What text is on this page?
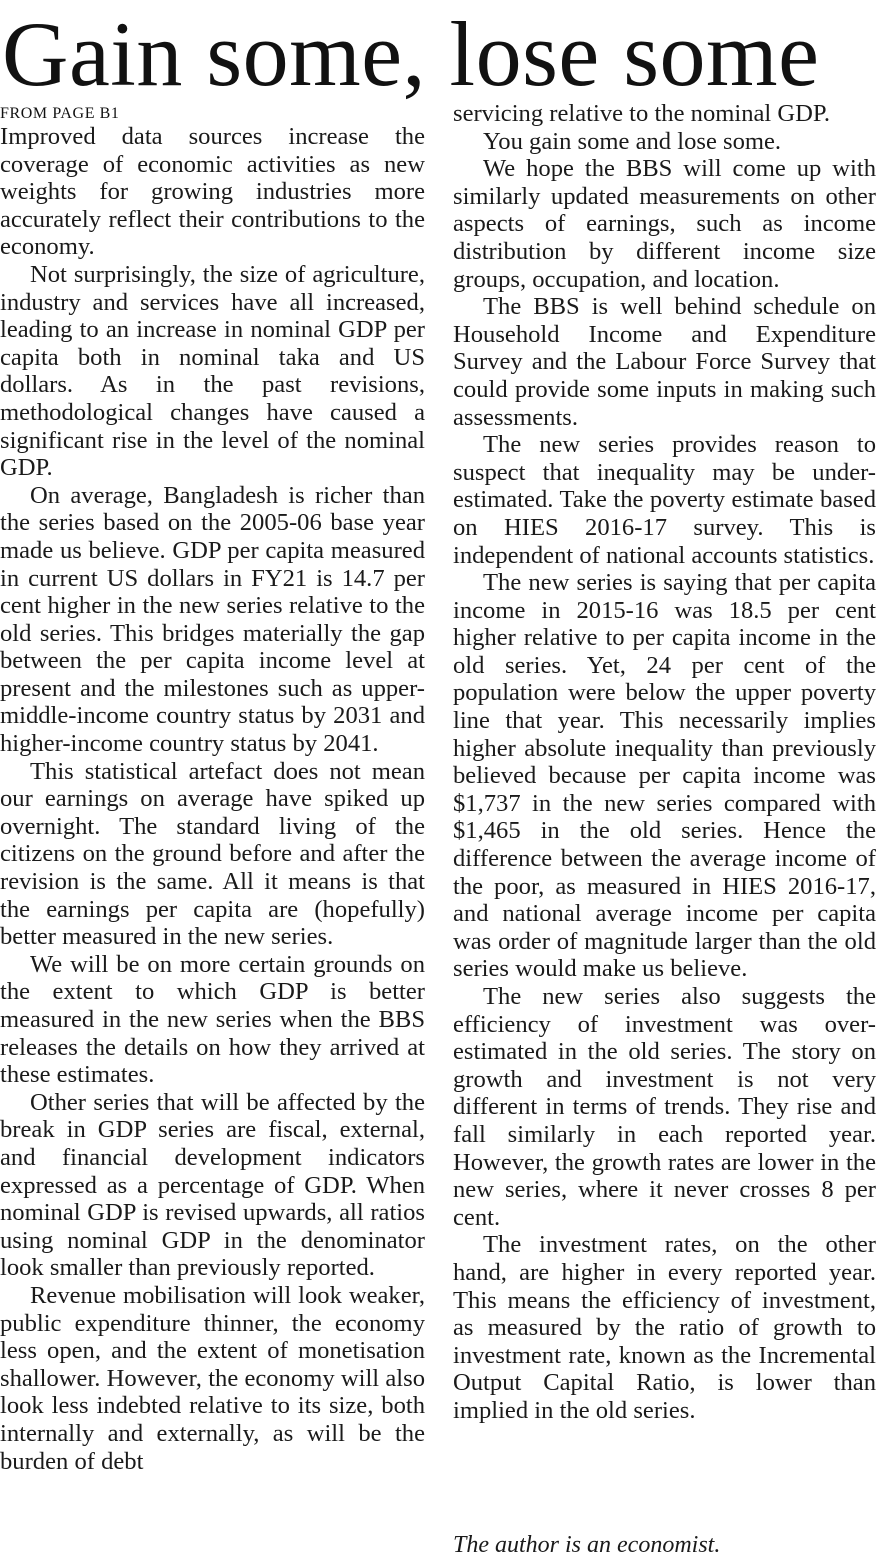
Gain some, lose some
FROM PAGE B1

Improved data sources increase the coverage of economic activities as new weights for growing industries more accurately reflect their contributions to the economy.

Not surprisingly, the size of agriculture, industry and services have all increased, leading to an increase in nominal GDP per capita both in nominal taka and US dollars. As in the past revisions, methodological changes have caused a significant rise in the level of the nominal GDP.

On average, Bangladesh is richer than the series based on the 2005-06 base year made us believe. GDP per capita measured in current US dollars in FY21 is 14.7 per cent higher in the new series relative to the old series. This bridges materially the gap between the per capita income level at present and the milestones such as upper-middle-income country status by 2031 and higher-income country status by 2041.

This statistical artefact does not mean our earnings on average have spiked up overnight. The standard living of the citizens on the ground before and after the revision is the same. All it means is that the earnings per capita are (hopefully) better measured in the new series.

We will be on more certain grounds on the extent to which GDP is better measured in the new series when the BBS releases the details on how they arrived at these estimates.

Other series that will be affected by the break in GDP series are fiscal, external, and financial development indicators expressed as a percentage of GDP. When nominal GDP is revised upwards, all ratios using nominal GDP in the denominator look smaller than previously reported.

Revenue mobilisation will look weaker, public expenditure thinner, the economy less open, and the extent of monetisation shallower. However, the economy will also look less indebted relative to its size, both internally and externally, as will be the burden of debt

servicing relative to the nominal GDP.

You gain some and lose some.

We hope the BBS will come up with similarly updated measurements on other aspects of earnings, such as income distribution by different income size groups, occupation, and location.

The BBS is well behind schedule on Household Income and Expenditure Survey and the Labour Force Survey that could provide some inputs in making such assessments.

The new series provides reason to suspect that inequality may be under-estimated. Take the poverty estimate based on HIES 2016-17 survey. This is independent of national accounts statistics.

The new series is saying that per capita income in 2015-16 was 18.5 per cent higher relative to per capita income in the old series. Yet, 24 per cent of the population were below the upper poverty line that year. This necessarily implies higher absolute inequality than previously believed because per capita income was $1,737 in the new series compared with $1,465 in the old series. Hence the difference between the average income of the poor, as measured in HIES 2016-17, and national average income per capita was order of magnitude larger than the old series would make us believe.

The new series also suggests the efficiency of investment was over-estimated in the old series. The story on growth and investment is not very different in terms of trends. They rise and fall similarly in each reported year. However, the growth rates are lower in the new series, where it never crosses 8 per cent.

The investment rates, on the other hand, are higher in every reported year. This means the efficiency of investment, as measured by the ratio of growth to investment rate, known as the Incremental Output Capital Ratio, is lower than implied in the old series.

The author is an economist.
